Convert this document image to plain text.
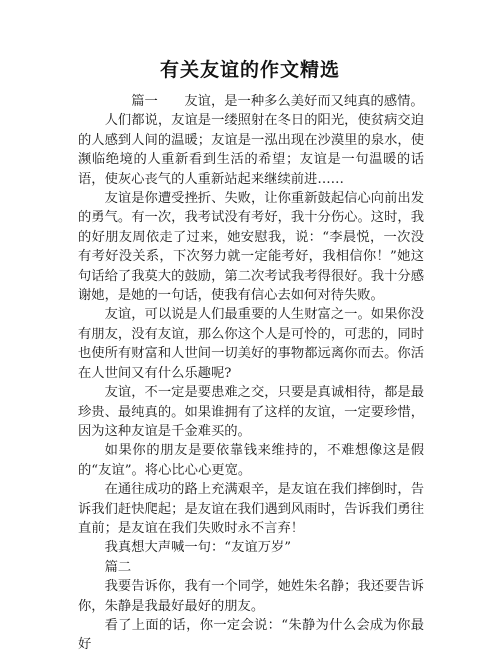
有关友谊的作文精选

篇一 友谊，是一种多么美好而又纯真的感情。

人们都说，友谊是一缕照射在冬日的阳光，使贫病交迫的人感到人间的温暖；友谊是一泓出现在沙漠里的泉水，使濒临绝境的人重新看到生活的希望；友谊是一句温暖的话语，使灰心丧气的人重新站起来继续前进……

友谊是你遭受挫折、失败，让你重新鼓起信心向前出发的勇气。有一次，我考试没有考好，我十分伤心。这时，我的好朋友周依走了过来，她安慰我，说：“李晨悦，一次没有考好没关系，下次努力就一定能考好，我相信你！”她这句话给了我莫大的鼓励，第二次考试我考得很好。我十分感谢她，是她的一句话，使我有信心去如何对待失败。

友谊，可以说是人们最重要的人生财富之一。如果你没有朋友，没有友谊，那么你这个人是可怜的，可悲的，同时也使所有财富和人世间一切美好的事物都远离你而去。你活在人世间又有什么乐趣呢?

友谊，不一定是要患难之交，只要是真诚相待，都是最珍贵、最纯真的。如果谁拥有了这样的友谊，一定要珍惜，因为这种友谊是千金难买的。

如果你的朋友是要依靠钱来维持的，不难想像这是假的“友谊”。将心比心心更宽。

在通往成功的路上充满艰辛，是友谊在我们摔倒时，告诉我们赶快爬起；是友谊在我们遇到风雨时，告诉我们勇往直前；是友谊在我们失败时永不言弃！

我真想大声喊一句：“友谊万岁”

篇二

我要告诉你，我有一个同学，她姓朱名静；我还要告诉你，朱静是我最好最好的朋友。

看了上面的话，你一定会说：“朱静为什么会成为你最好
